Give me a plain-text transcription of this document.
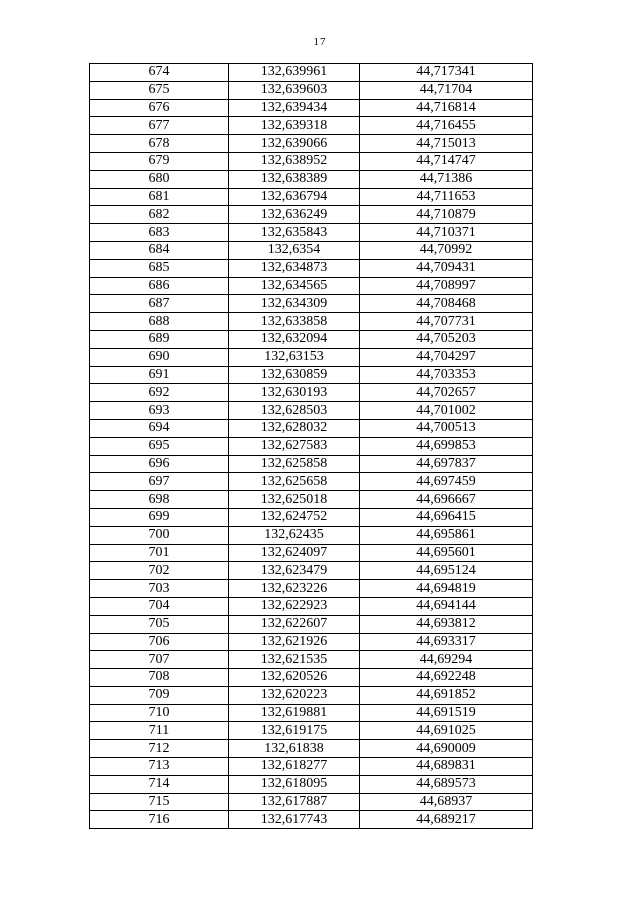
17
674	132,639961	44,717341
675	132,639603	44,71704
676	132,639434	44,716814
677	132,639318	44,716455
678	132,639066	44,715013
679	132,638952	44,714747
680	132,638389	44,71386
681	132,636794	44,711653
682	132,636249	44,710879
683	132,635843	44,710371
684	132,6354	44,70992
685	132,634873	44,709431
686	132,634565	44,708997
687	132,634309	44,708468
688	132,633858	44,707731
689	132,632094	44,705203
690	132,63153	44,704297
691	132,630859	44,703353
692	132,630193	44,702657
693	132,628503	44,701002
694	132,628032	44,700513
695	132,627583	44,699853
696	132,625858	44,697837
697	132,625658	44,697459
698	132,625018	44,696667
699	132,624752	44,696415
700	132,62435	44,695861
701	132,624097	44,695601
702	132,623479	44,695124
703	132,623226	44,694819
704	132,622923	44,694144
705	132,622607	44,693812
706	132,621926	44,693317
707	132,621535	44,69294
708	132,620526	44,692248
709	132,620223	44,691852
710	132,619881	44,691519
711	132,619175	44,691025
712	132,61838	44,690009
713	132,618277	44,689831
714	132,618095	44,689573
715	132,617887	44,68937
716	132,617743	44,689217
